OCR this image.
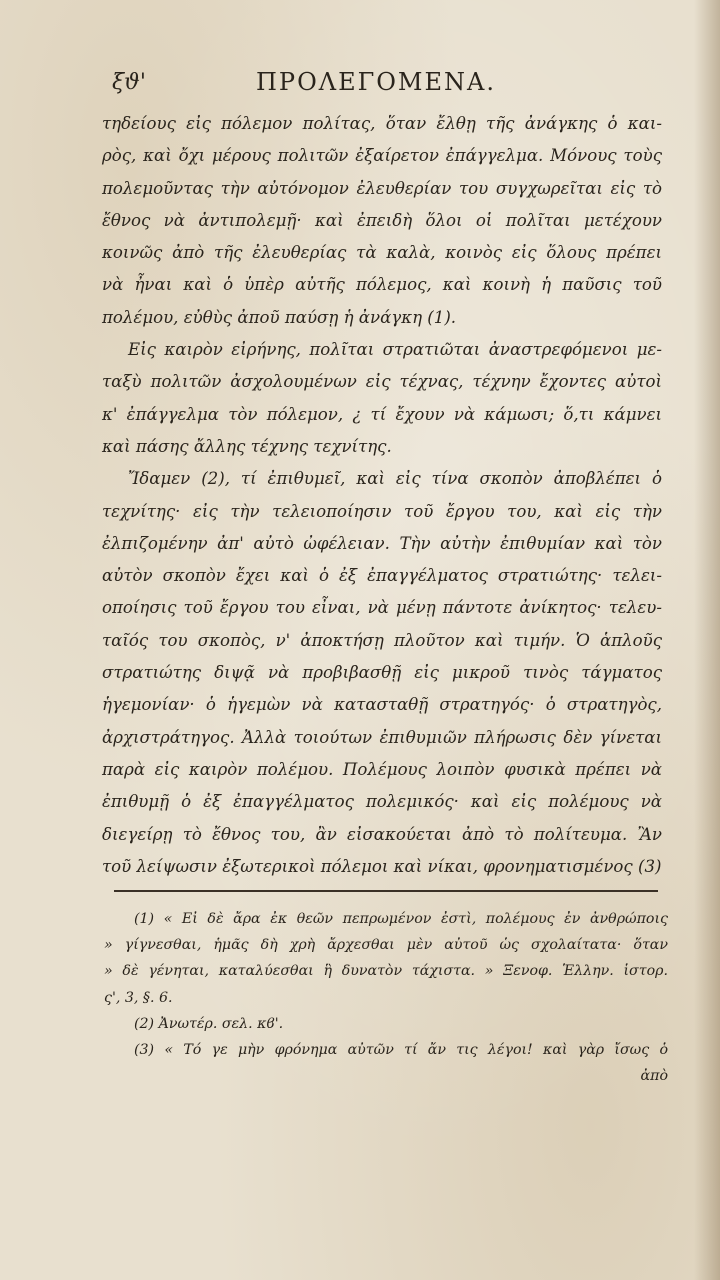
ξϑ'	ΠΡΟΛΕΓΟΜΕΝΑ.
τηδείους εἰς πόλεμον πολίτας, ὅταν ἔλθῃ τῆς ἀνάγκης ὁ και-
ρὸς, καὶ ὄχι μέρους πολιτῶν ἐξαίρετον ἐπάγγελμα. Μόνους τοὺς
πολεμοῦντας τὴν αὐτόνομον ἐλευθερίαν του συγχωρεῖται εἰς τὸ
ἔθνος νὰ ἀντιπολεμῇ· καὶ ἐπειδὴ ὅλοι οἱ πολῖται μετέχουν
κοινῶς ἀπὸ τῆς ἐλευθερίας τὰ καλὰ, κοινὸς εἰς ὅλους πρέπει
νὰ ἦναι καὶ ὁ ὑπὲρ αὐτῆς πόλεμος, καὶ κοινὴ ἡ παῦσις τοῦ
πολέμου, εὐθὺς ἀποῦ παύσῃ ἡ ἀνάγκη (1).
Εἰς καιρὸν εἰρήνης, πολῖται στρατιῶται ἀναστρεφόμενοι με-
ταξὺ πολιτῶν ἀσχολουμένων εἰς τέχνας, τέχνην ἔχοντες αὐτοὶ
κ' ἐπάγγελμα τὸν πόλεμον, ¿ τί ἔχουν νὰ κάμωσι; ὅ,τι κάμνει
καὶ πάσης ἄλλης τέχνης τεχνίτης.
Ἴδαμεν (2), τί ἐπιθυμεῖ, καὶ εἰς τίνα σκοπὸν ἀποβλέπει ὁ
τεχνίτης· εἰς τὴν τελειοποίησιν τοῦ ἔργου του, καὶ εἰς τὴν
ἐλπιζομένην ἀπ' αὐτὸ ὠφέλειαν. Τὴν αὐτὴν ἐπιθυμίαν καὶ τὸν
αὐτὸν σκοπὸν ἔχει καὶ ὁ ἐξ ἐπαγγέλματος στρατιώτης· τελει-
οποίησις τοῦ ἔργου του εἶναι, νὰ μένῃ πάντοτε ἀνίκητος· τελευ-
ταῖός του σκοπὸς, ν' ἀποκτήσῃ πλοῦτον καὶ τιμήν. Ὁ ἁπλοῦς
στρατιώτης διψᾷ νὰ προβιβασθῇ εἰς μικροῦ τινὸς τάγματος
ἡγεμονίαν· ὁ ἡγεμὼν νὰ κατασταθῇ στρατηγός· ὁ στρατηγὸς,
ἀρχιστράτηγος. Ἀλλὰ τοιούτων ἐπιθυμιῶν πλήρωσις δὲν γίνεται
παρὰ εἰς καιρὸν πολέμου. Πολέμους λοιπὸν φυσικὰ πρέπει νὰ
ἐπιθυμῇ ὁ ἐξ ἐπαγγέλματος πολεμικός· καὶ εἰς πολέμους νὰ
διεγείρῃ τὸ ἔθνος του, ἂν εἰσακούεται ἀπὸ τὸ πολίτευμα. Ἂν
τοῦ λείψωσιν ἐξωτερικοὶ πόλεμοι καὶ νίκαι, φρονηματισμένος (3)
(1) « Εἰ δὲ ἄρα ἐκ θεῶν πεπρωμένον ἐστὶ, πολέμους ἐν ἀνθρώποις
» γίγνεσθαι, ἡμᾶς δὴ χρὴ ἄρχεσθαι μὲν αὐτοῦ ὡς σχολαίτατα· ὅταν
» δὲ γένηται, καταλύεσθαι ἣ δυνατὸν τάχιστα. » Ξενοφ. Ἑλλην. ἱστορ.
ς', 3, §. 6.
(2) Ἀνωτέρ. σελ. κϐ'.
(3) « Τό γε μὴν φρόνημα αὐτῶν τί ἄν τις λέγοι! καὶ γὰρ ἴσως ὁ
ἀπὸ
